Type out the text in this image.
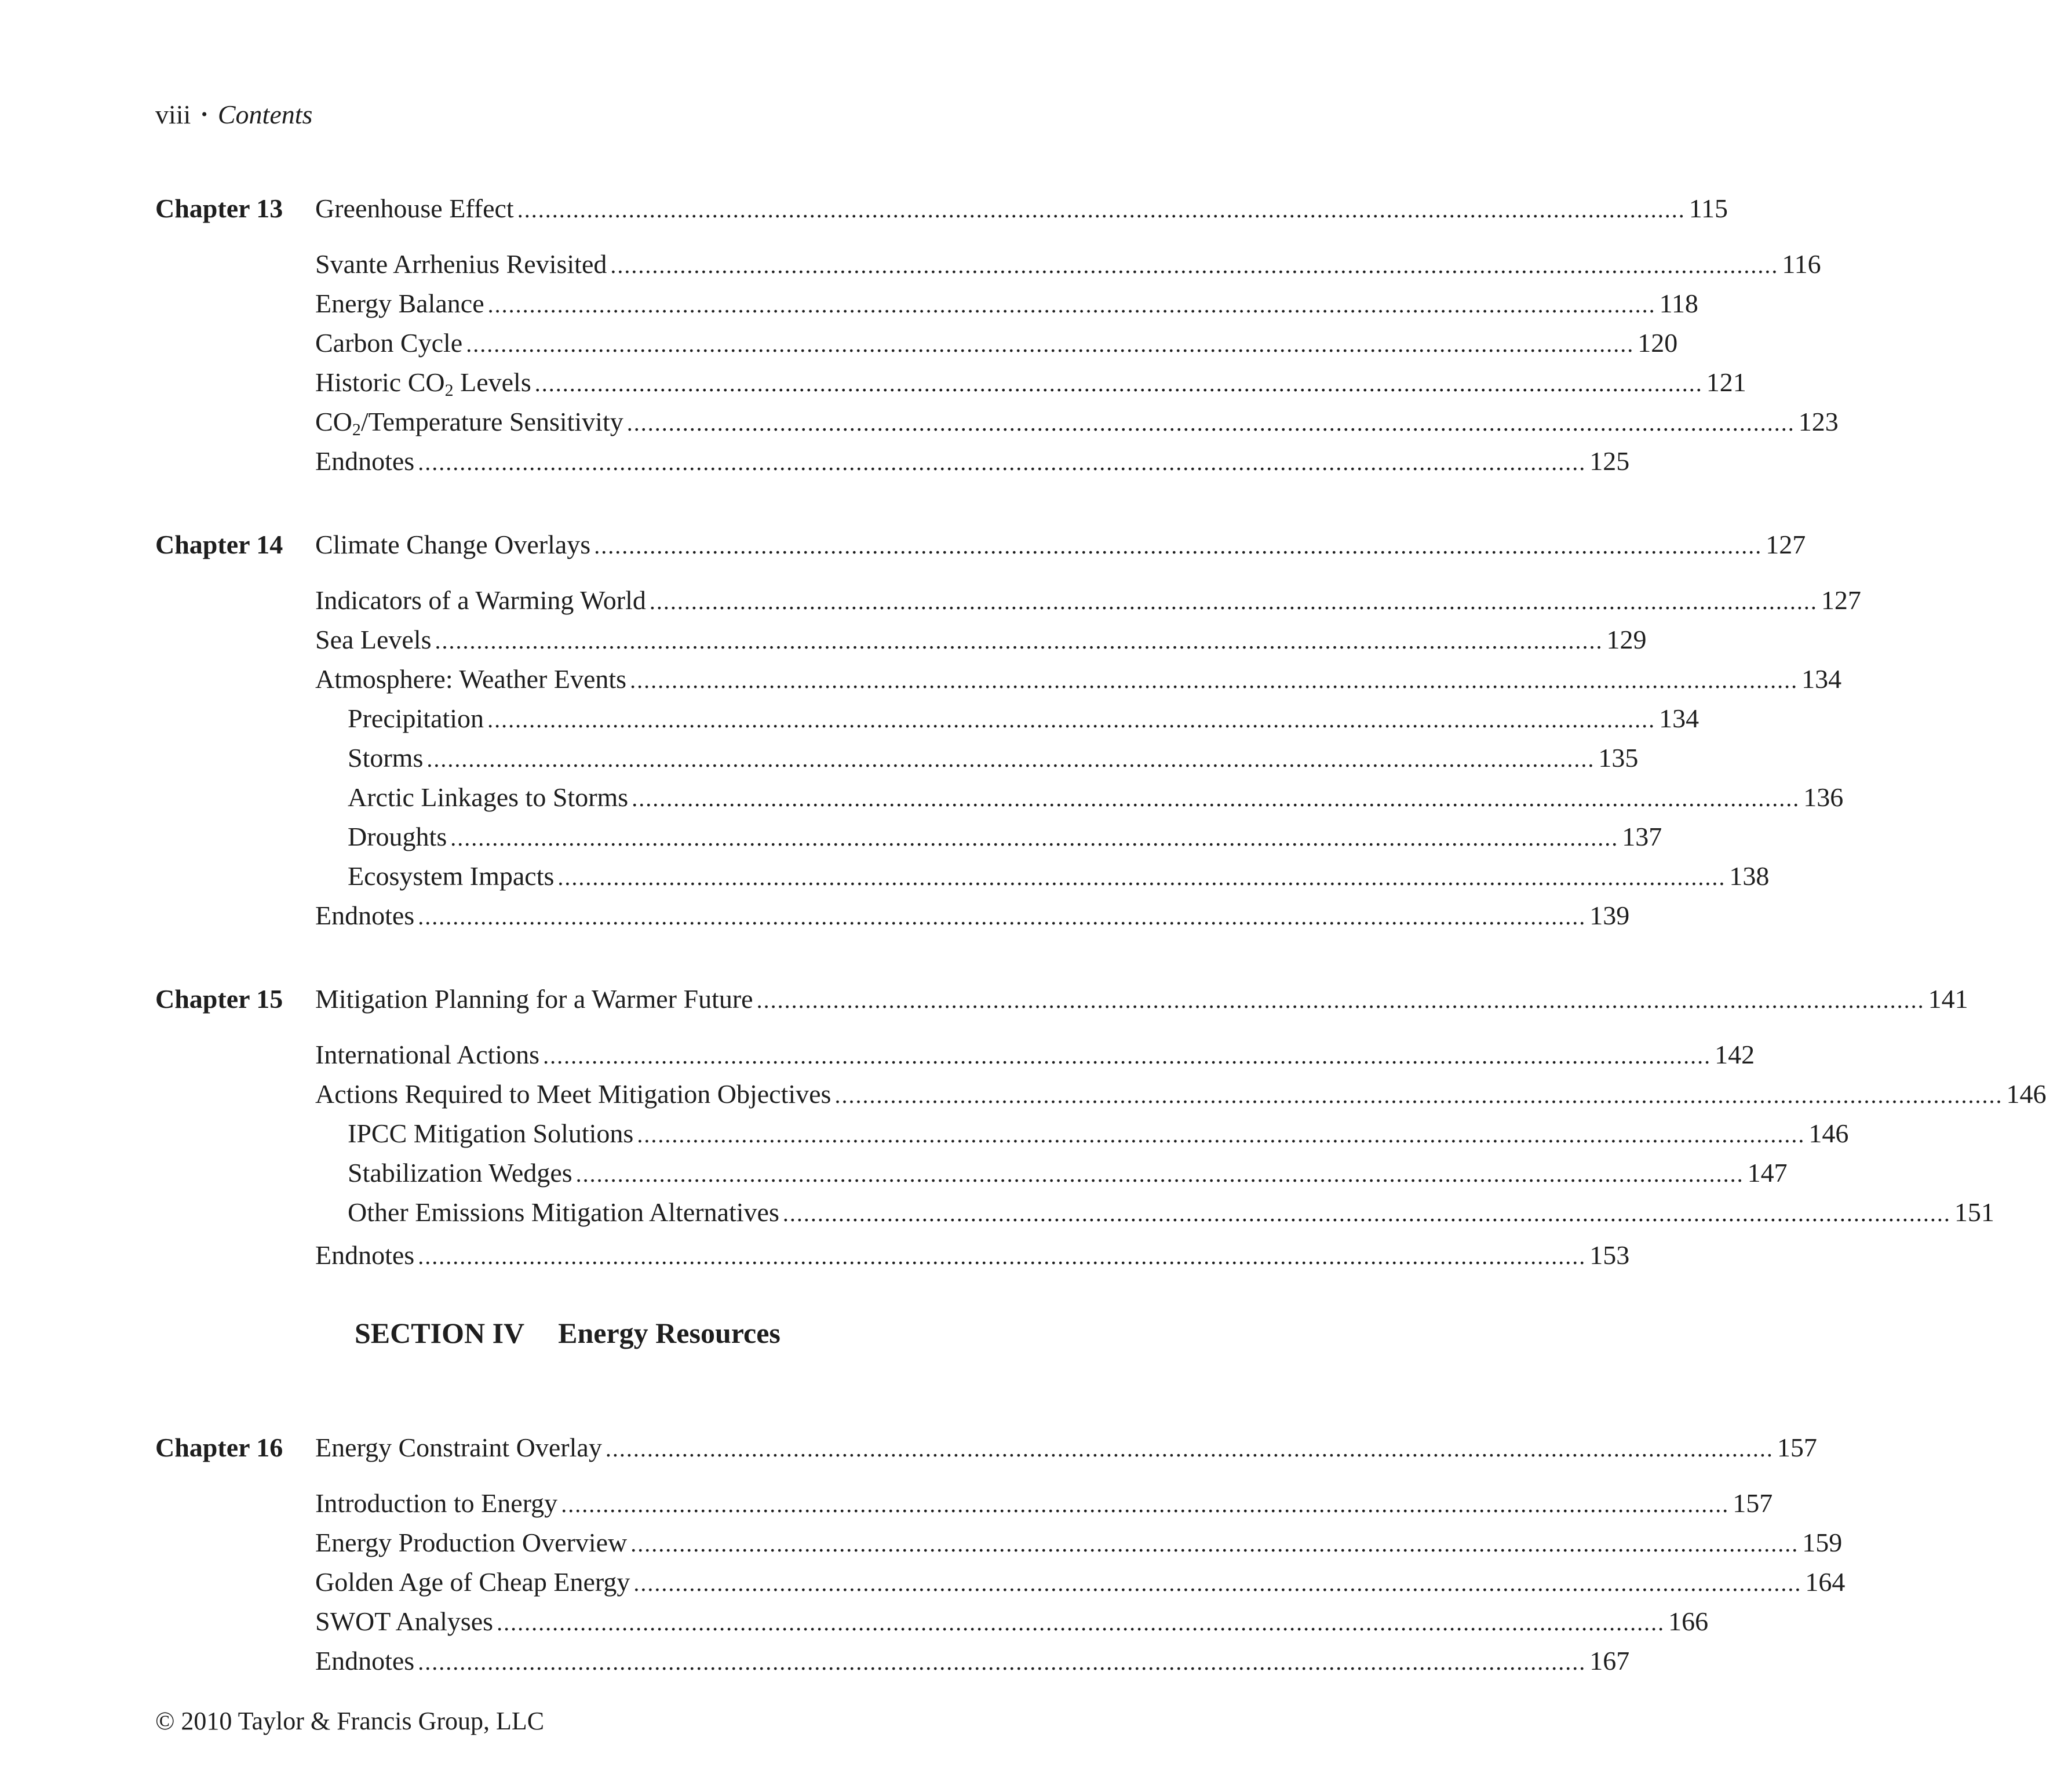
viii • Contents
Chapter 13 Greenhouse Effect ........................................................................................................................................................................ 115
Svante Arrhenius Revisited ........................................................................................................................................................................ 116
Energy Balance ........................................................................................................................................................................ 118
Carbon Cycle ........................................................................................................................................................................ 120
Historic $CO_2$ Levels ........................................................................................................................................................................ 121
$CO_2$/Temperature Sensitivity ........................................................................................................................................................................ 123
Endnotes ........................................................................................................................................................................ 125
Chapter 14 Climate Change Overlays ........................................................................................................................................................................ 127
Indicators of a Warming World ........................................................................................................................................................................ 127
Sea Levels ........................................................................................................................................................................ 129
Atmosphere: Weather Events ........................................................................................................................................................................ 134
Precipitation ........................................................................................................................................................................ 134
Storms ........................................................................................................................................................................ 135
Arctic Linkages to Storms ........................................................................................................................................................................ 136
Droughts ........................................................................................................................................................................ 137
Ecosystem Impacts ........................................................................................................................................................................ 138
Endnotes ........................................................................................................................................................................ 139
Chapter 15 Mitigation Planning for a Warmer Future ........................................................................................................................................................................ 141
International Actions ........................................................................................................................................................................ 142
Actions Required to Meet Mitigation Objectives ........................................................................................................................................................................ 146
IPCC Mitigation Solutions ........................................................................................................................................................................ 146
Stabilization Wedges ........................................................................................................................................................................ 147
Other Emissions Mitigation Alternatives ........................................................................................................................................................................ 151
Endnotes ........................................................................................................................................................................ 153
SECTION IV Energy Resources
Chapter 16 Energy Constraint Overlay ........................................................................................................................................................................ 157
Introduction to Energy ........................................................................................................................................................................ 157
Energy Production Overview ........................................................................................................................................................................ 159
Golden Age of Cheap Energy ........................................................................................................................................................................ 164
SWOT Analyses ........................................................................................................................................................................ 166
Endnotes ........................................................................................................................................................................ 167
© 2010 Taylor & Francis Group, LLC
